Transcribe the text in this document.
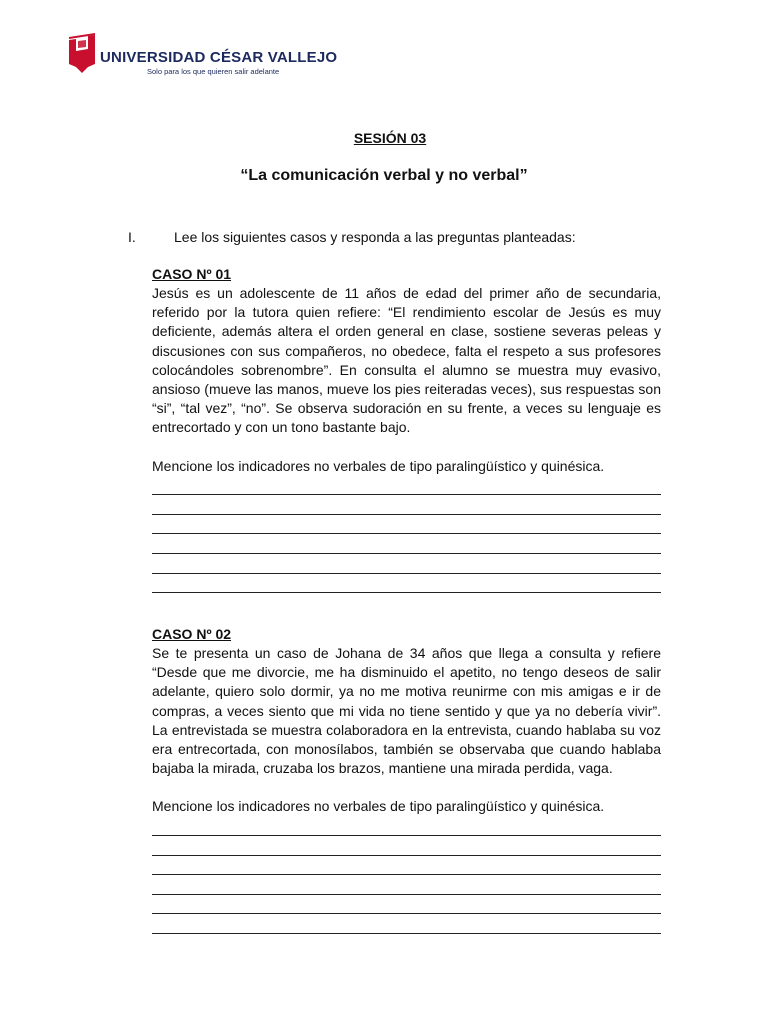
UNIVERSIDAD CÉSAR VALLEJO
Solo para los que quieren salir adelante
SESIÓN 03
“La comunicación verbal y no verbal”
I.	Lee los siguientes casos y responda a las preguntas planteadas:
CASO Nº 01

Jesús es un adolescente de 11 años de edad del primer año de secundaria, referido por la tutora quien refiere: “El rendimiento escolar de Jesús es muy deficiente, además altera el orden general en clase, sostiene severas peleas y discusiones con sus compañeros, no obedece, falta el respeto a sus profesores colocándoles sobrenombre”. En consulta el alumno se muestra muy evasivo, ansioso (mueve las manos, mueve los pies reiteradas veces), sus respuestas son “si”, “tal vez”, “no”. Se observa sudoración en su frente, a veces su lenguaje es entrecortado y con un tono bastante bajo.

Mencione los indicadores no verbales de tipo paralingüístico y quinésica.
CASO Nº 02

Se te presenta un caso de Johana de 34 años que llega a consulta y refiere “Desde que me divorcie, me ha disminuido el apetito, no tengo deseos de salir adelante, quiero solo dormir, ya no me motiva reunirme con mis amigas e ir de compras, a veces siento que mi vida no tiene sentido y que ya no debería vivir”. La entrevistada se muestra colaboradora en la entrevista, cuando hablaba su voz era entrecortada, con monosílabos, también se observaba que cuando hablaba bajaba la mirada, cruzaba los brazos, mantiene una mirada perdida, vaga.

Mencione los indicadores no verbales de tipo paralingüístico y quinésica.
